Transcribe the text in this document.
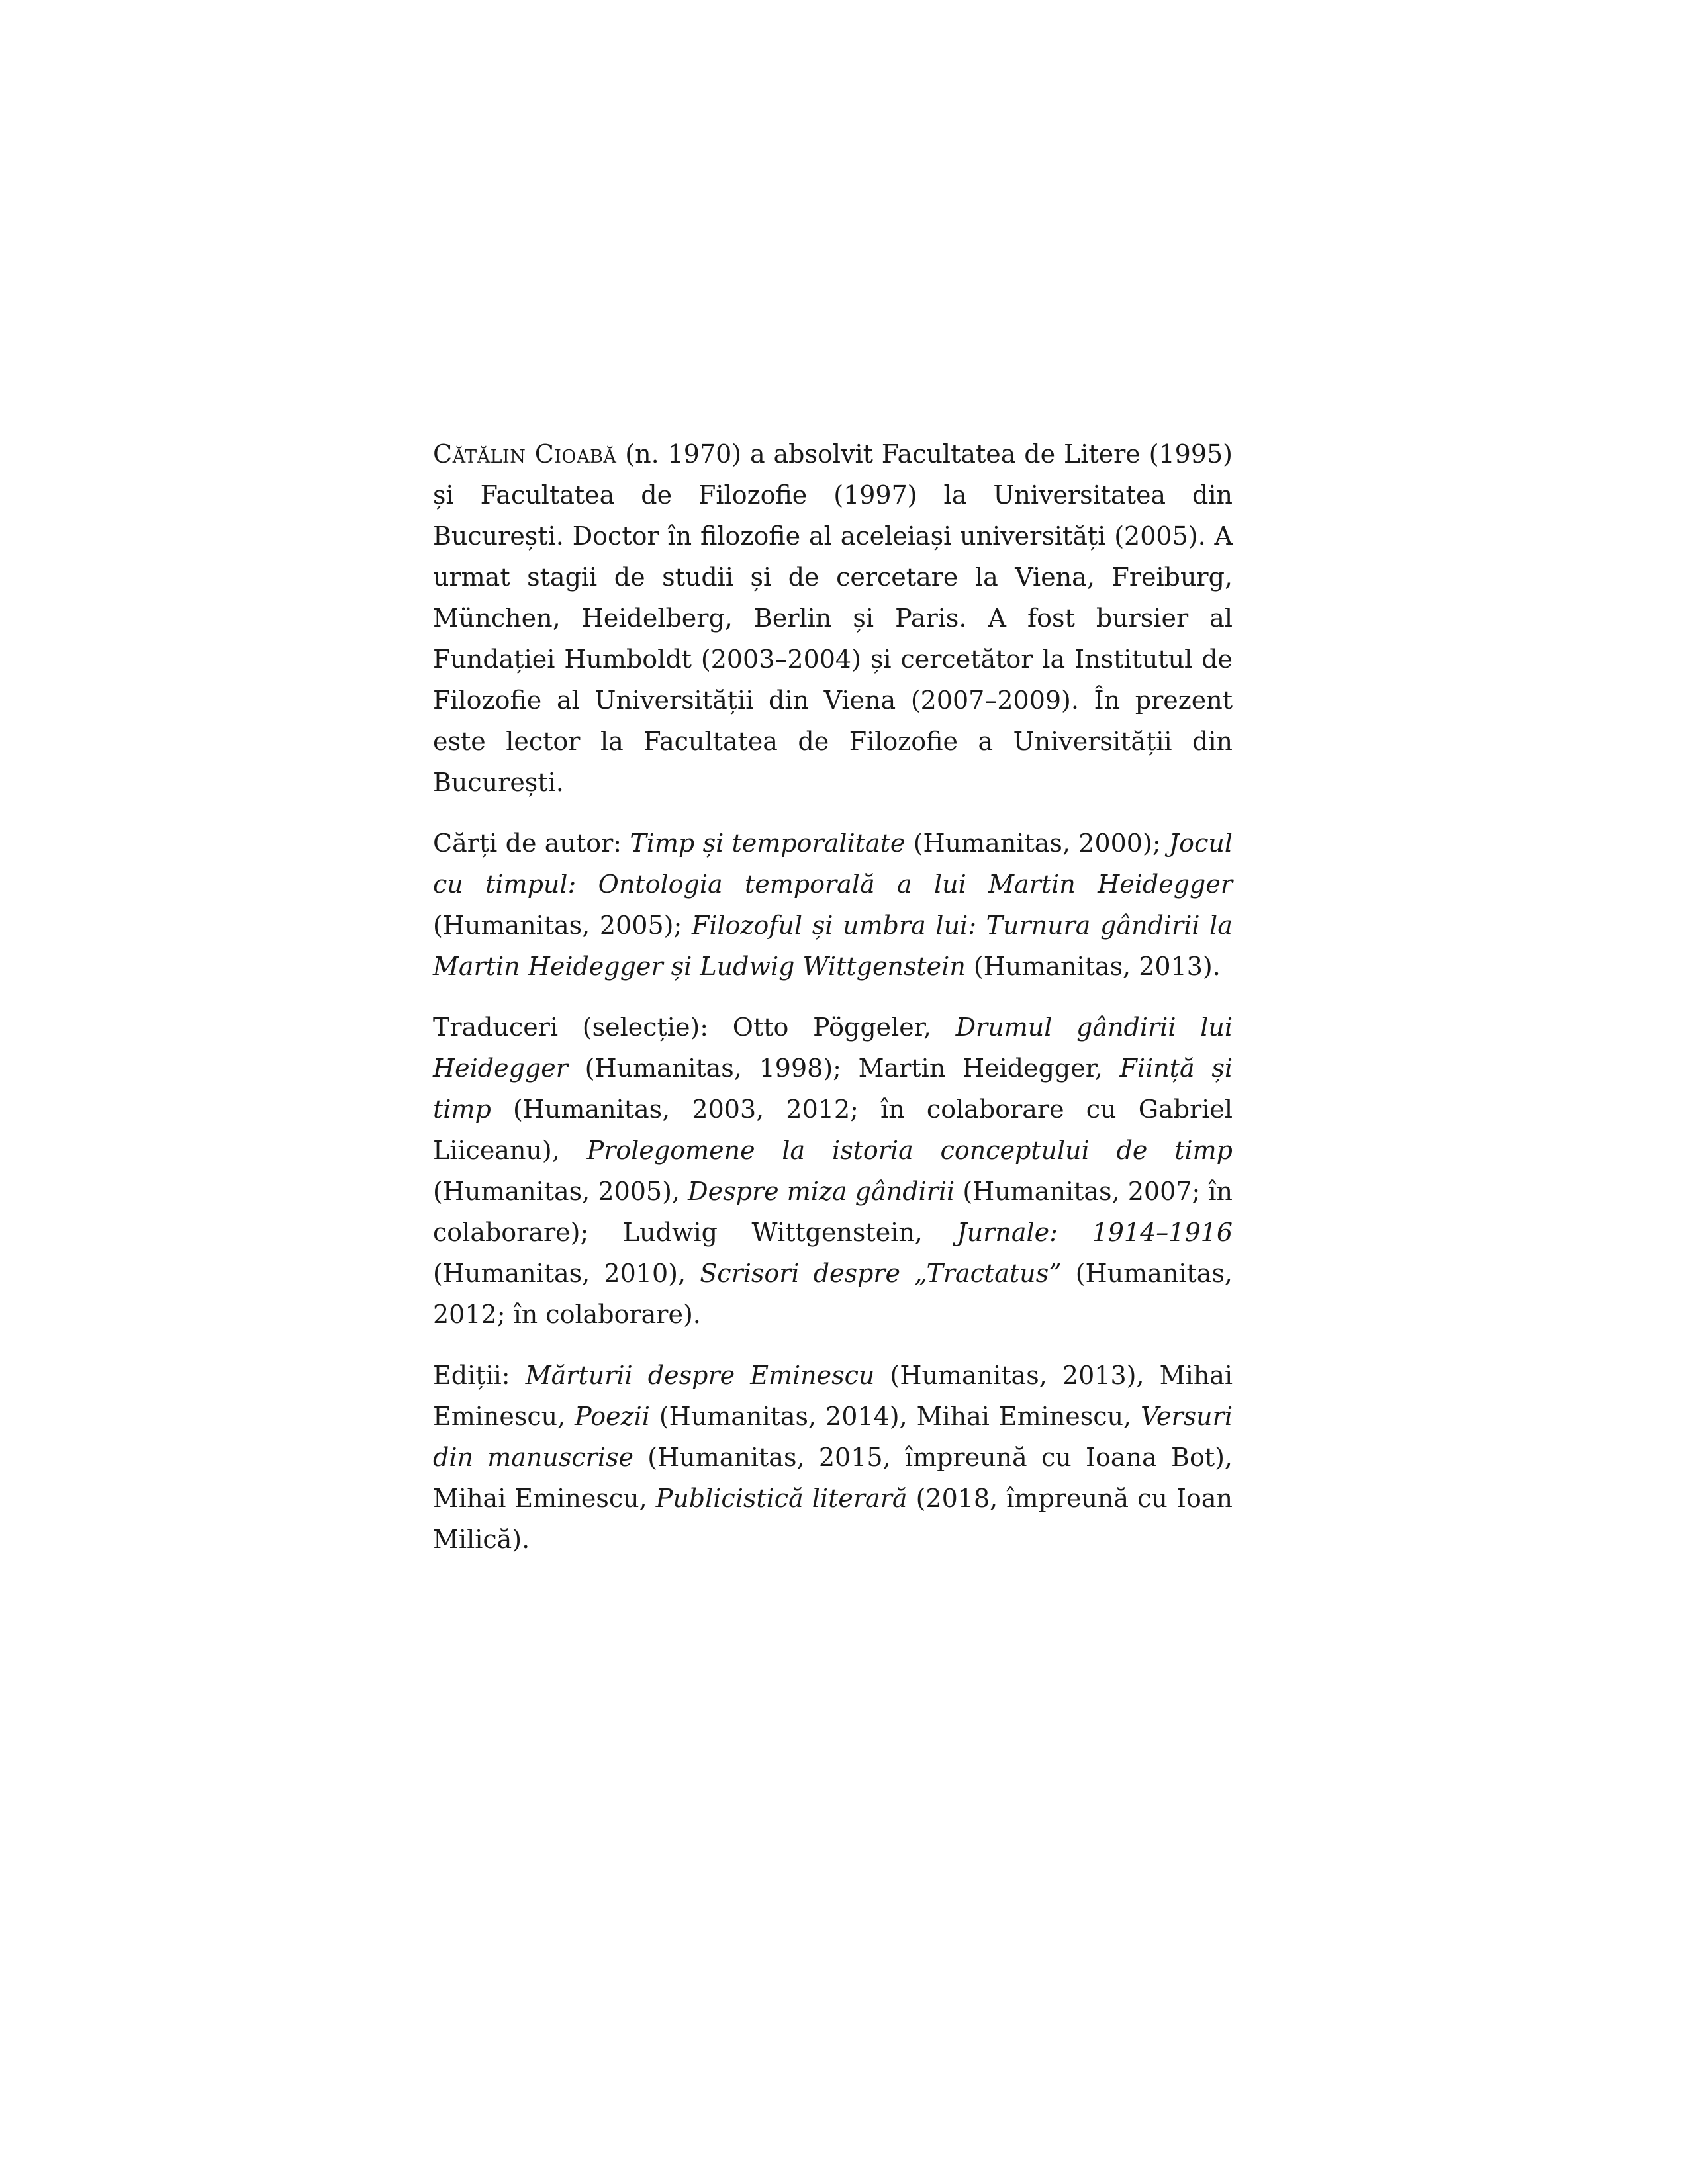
Cătălin Cioabă (n. 1970) a absolvit Facultatea de Litere (1995) și Facultatea de Filozofie (1997) la Universitatea din București. Doctor în filozofie al aceleiași universități (2005). A urmat stagii de studii și de cercetare la Viena, Freiburg, München, Heidelberg, Berlin și Paris. A fost bursier al Fundației Humboldt (2003–2004) și cercetător la Institutul de Filozofie al Universității din Viena (2007–2009). În prezent este lector la Facultatea de Filozofie a Universității din București.

Cărți de autor: Timp și temporalitate (Humanitas, 2000); Jocul cu timpul: Ontologia temporală a lui Martin Heidegger (Humanitas, 2005); Filozoful și umbra lui: Turnura gândirii la Martin Heidegger și Ludwig Wittgenstein (Humanitas, 2013).

Traduceri (selecție): Otto Pöggeler, Drumul gândirii lui Heidegger (Humanitas, 1998); Martin Heidegger, Ființă și timp (Humanitas, 2003, 2012; în colaborare cu Gabriel Liiceanu), Prolegomene la istoria conceptului de timp (Humanitas, 2005), Despre miza gândirii (Humanitas, 2007; în colaborare); Ludwig Wittgenstein, Jurnale: 1914–1916 (Humanitas, 2010), Scrisori despre „Tractatus” (Humanitas, 2012; în colaborare).

Ediții: Mărturii despre Eminescu (Humanitas, 2013), Mihai Eminescu, Poezii (Humanitas, 2014), Mihai Eminescu, Versuri din manuscrise (Humanitas, 2015, împreună cu Ioana Bot), Mihai Eminescu, Publicistică literară (2018, împreună cu Ioan Milică).
